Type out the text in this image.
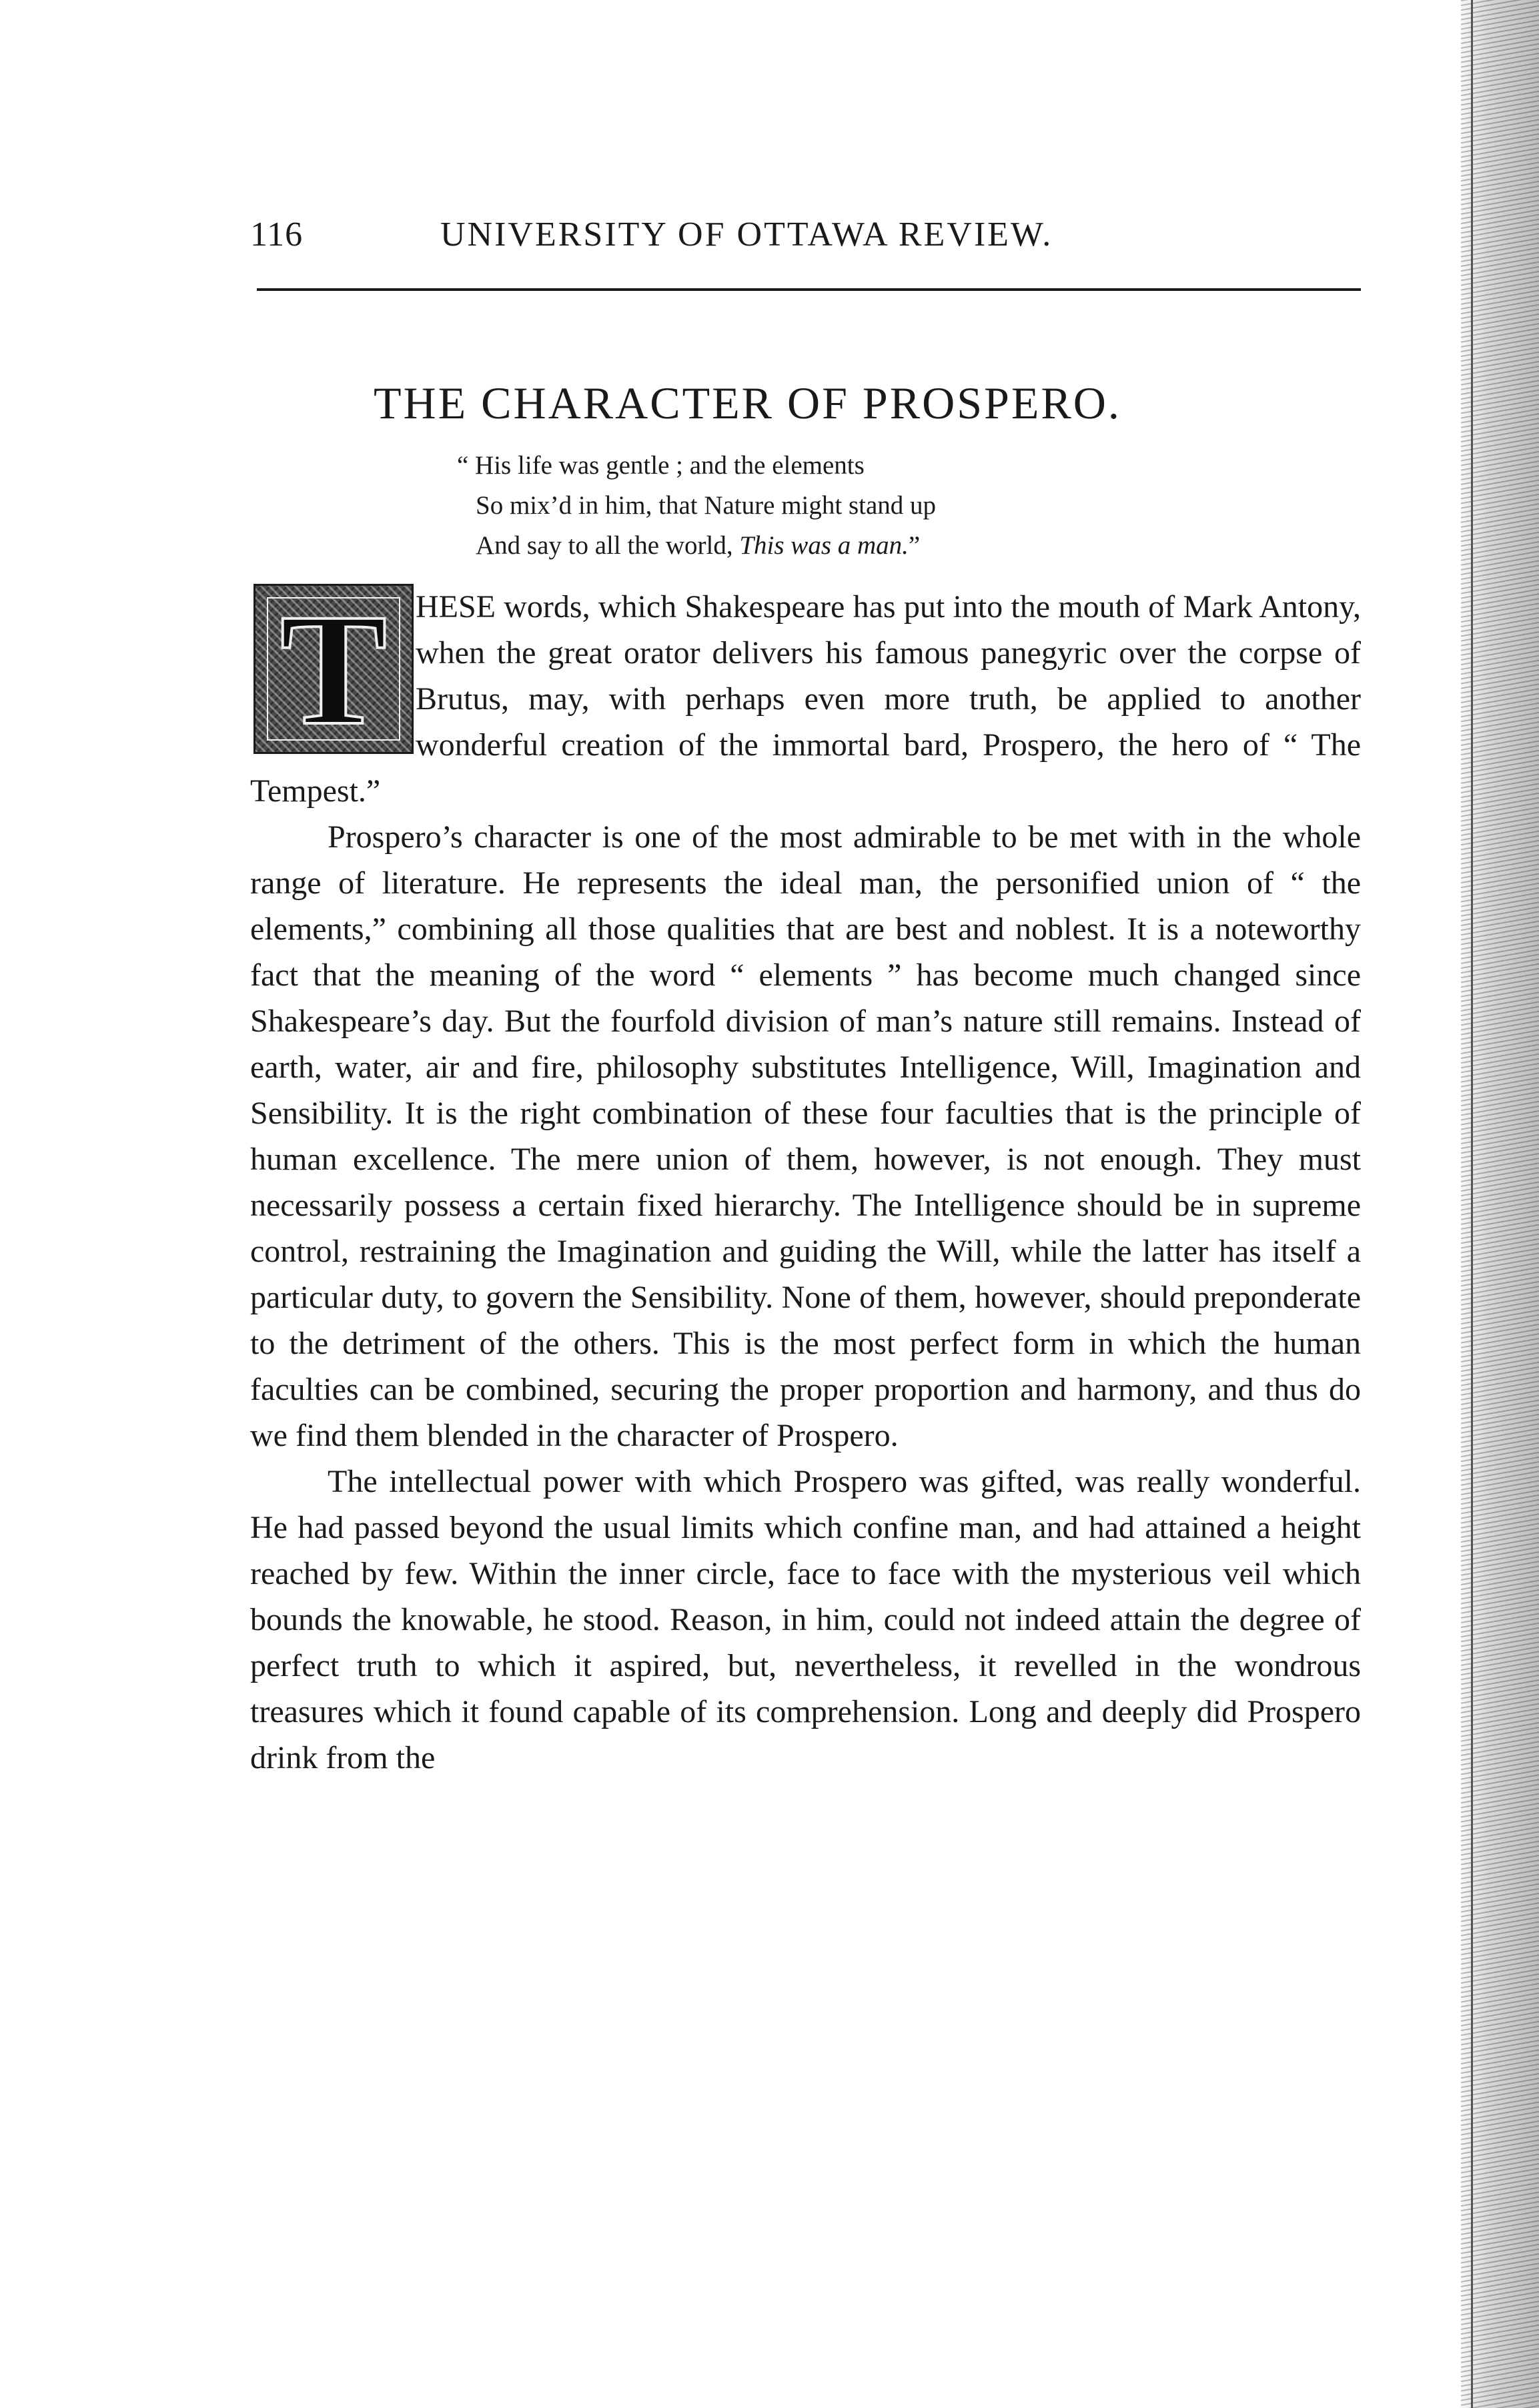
116	UNIVERSITY OF OTTAWA REVIEW.
THE CHARACTER OF PROSPERO.
“ His life was gentle ; and the elements
So mix’d in him, that Nature might stand up
And say to all the world, This was a man.”
T HESE words, which Shakespeare has put into the mouth of Mark Antony, when the great orator delivers his famous panegyric over the corpse of Brutus, may, with perhaps even more truth, be applied to another wonderful creation of the immortal bard, Prospero, the hero of “ The Tempest.”

Prospero’s character is one of the most admirable to be met with in the whole range of literature. He represents the ideal man, the personified union of “ the elements,” combining all those qualities that are best and noblest. It is a noteworthy fact that the meaning of the word “ elements ” has become much changed since Shakespeare’s day. But the fourfold division of man’s nature still remains. Instead of earth, water, air and fire, philosophy substitutes Intelligence, Will, Imagination and Sensibility. It is the right combination of these four faculties that is the principle of human excellence. The mere union of them, however, is not enough. They must necessarily possess a certain fixed hierarchy. The Intelligence should be in supreme control, restraining the Imagination and guiding the Will, while the latter has itself a particular duty, to govern the Sensibility. None of them, however, should preponderate to the detriment of the others. This is the most perfect form in which the human faculties can be combined, securing the proper proportion and harmony, and thus do we find them blended in the character of Prospero.

The intellectual power with which Prospero was gifted, was really wonderful. He had passed beyond the usual limits which confine man, and had attained a height reached by few. Within the inner circle, face to face with the mysterious veil which bounds the knowable, he stood. Reason, in him, could not indeed attain the degree of perfect truth to which it aspired, but, nevertheless, it revelled in the wondrous treasures which it found capable of its comprehension. Long and deeply did Prospero drink from the
